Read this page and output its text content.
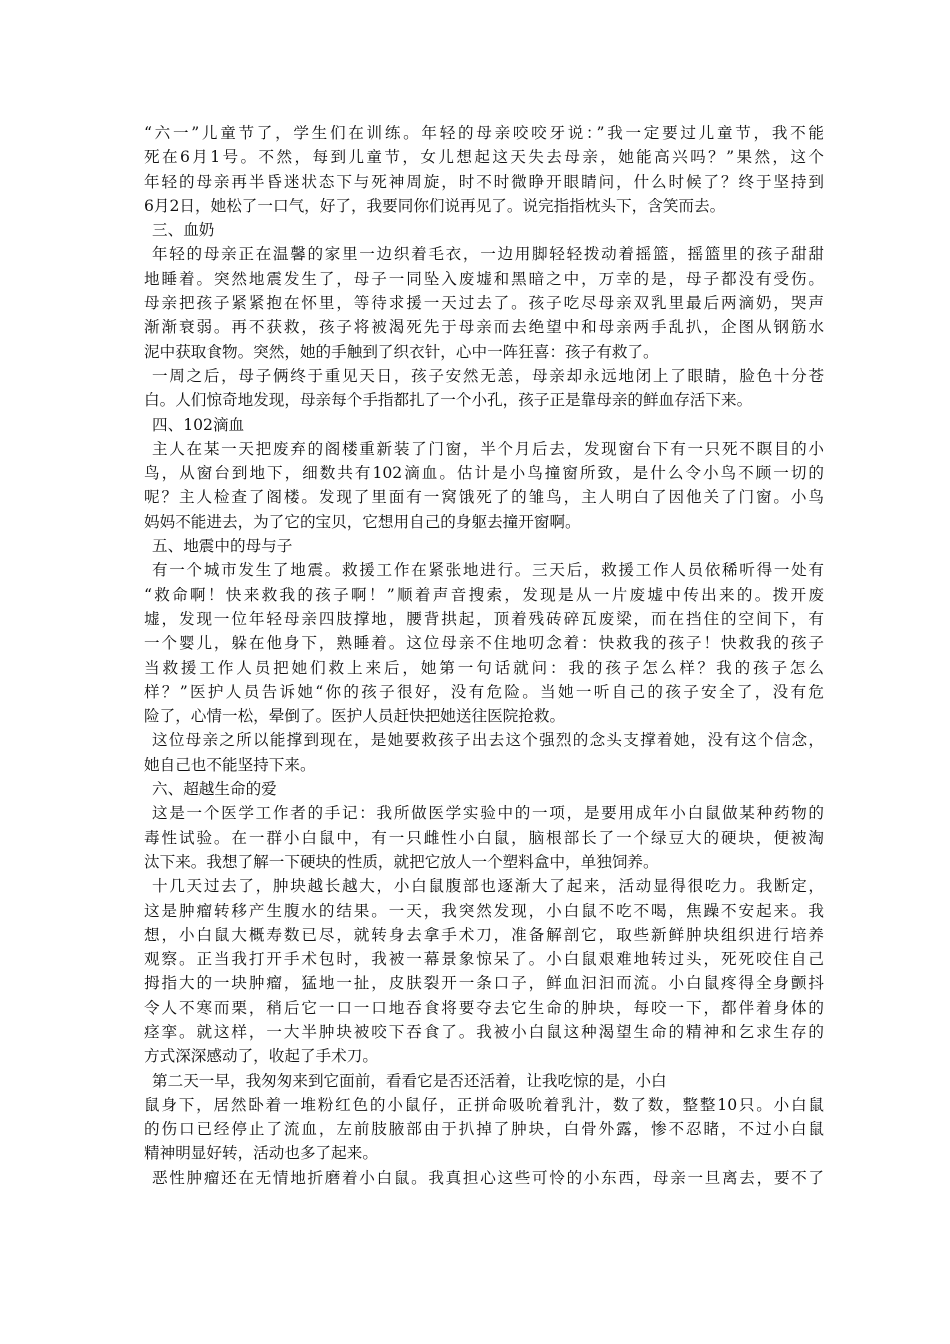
“六一”儿童节了，学生们在训练。年轻的母亲咬咬牙说：”我一定要过儿童节，我不能
死在6月1号。不然，每到儿童节，女儿想起这天失去母亲，她能高兴吗？”果然，这个
年轻的母亲再半昏迷状态下与死神周旋，时不时微睁开眼睛问，什么时候了？终于坚持到
6月2日，她松了一口气，好了，我要同你们说再见了。说完指指枕头下，含笑而去。
三、血奶
年轻的母亲正在温馨的家里一边织着毛衣，一边用脚轻轻拨动着摇篮，摇篮里的孩子甜甜
地睡着。突然地震发生了，母子一同坠入废墟和黑暗之中，万幸的是，母子都没有受伤。
母亲把孩子紧紧抱在怀里，等待求援一天过去了。孩子吃尽母亲双乳里最后两滴奶，哭声
渐渐衰弱。再不获救，孩子将被渴死先于母亲而去绝望中和母亲两手乱扒，企图从钢筋水
泥中获取食物。突然，她的手触到了织衣针，心中一阵狂喜：孩子有救了。
一周之后，母子俩终于重见天日，孩子安然无恙，母亲却永远地闭上了眼睛，脸色十分苍
白。人们惊奇地发现，母亲每个手指都扎了一个小孔，孩子正是靠母亲的鲜血存活下来。
四、102滴血
主人在某一天把废弃的阁楼重新装了门窗，半个月后去，发现窗台下有一只死不瞑目的小
鸟，从窗台到地下，细数共有102滴血。估计是小鸟撞窗所致，是什么令小鸟不顾一切的
呢？主人检查了阁楼。发现了里面有一窝饿死了的雏鸟，主人明白了因他关了门窗。小鸟
妈妈不能进去，为了它的宝贝，它想用自己的身躯去撞开窗啊。
五、地震中的母与子
有一个城市发生了地震。救援工作在紧张地进行。三天后，救援工作人员依稀听得一处有
“救命啊！快来救我的孩子啊！”顺着声音搜索，发现是从一片废墟中传出来的。拨开废
墟，发现一位年轻母亲四肢撑地，腰背拱起，顶着残砖碎瓦废梁，而在挡住的空间下，有
一个婴儿，躲在他身下，熟睡着。这位母亲不住地叨念着：快救我的孩子！快救我的孩子
当救援工作人员把她们救上来后，她第一句话就问：我的孩子怎么样？我的孩子怎么
样？”医护人员告诉她“你的孩子很好，没有危险。当她一听自己的孩子安全了，没有危
险了，心情一松，晕倒了。医护人员赶快把她送往医院抢救。
这位母亲之所以能撑到现在，是她要救孩子出去这个强烈的念头支撑着她，没有这个信念，
她自己也不能坚持下来。
六、超越生命的爱
这是一个医学工作者的手记：我所做医学实验中的一项，是要用成年小白鼠做某种药物的
毒性试验。在一群小白鼠中，有一只雌性小白鼠，脑根部长了一个绿豆大的硬块，便被淘
汰下来。我想了解一下硬块的性质，就把它放人一个塑料盒中，单独饲养。
十几天过去了，肿块越长越大，小白鼠腹部也逐渐大了起来，活动显得很吃力。我断定，
这是肿瘤转移产生腹水的结果。一天，我突然发现，小白鼠不吃不喝，焦躁不安起来。我
想，小白鼠大概寿数已尽，就转身去拿手术刀，准备解剖它，取些新鲜肿块组织进行培养
观察。正当我打开手术包时，我被一幕景象惊呆了。小白鼠艰难地转过头，死死咬住自己
拇指大的一块肿瘤，猛地一扯，皮肤裂开一条口子，鲜血汩汩而流。小白鼠疼得全身颤抖
令人不寒而栗，稍后它一口一口地吞食将要夺去它生命的肿块，每咬一下，都伴着身体的
痉挛。就这样，一大半肿块被咬下吞食了。我被小白鼠这种渴望生命的精神和乞求生存的
方式深深感动了，收起了手术刀。
第二天一早，我匆匆来到它面前，看看它是否还活着，让我吃惊的是，小白
鼠身下，居然卧着一堆粉红色的小鼠仔，正拼命吸吮着乳汁，数了数，整整10只。小白鼠
的伤口已经停止了流血，左前肢腋部由于扒掉了肿块，白骨外露，惨不忍睹，不过小白鼠
精神明显好转，活动也多了起来。
恶性肿瘤还在无情地折磨着小白鼠。我真担心这些可怜的小东西，母亲一旦离去，要不了
